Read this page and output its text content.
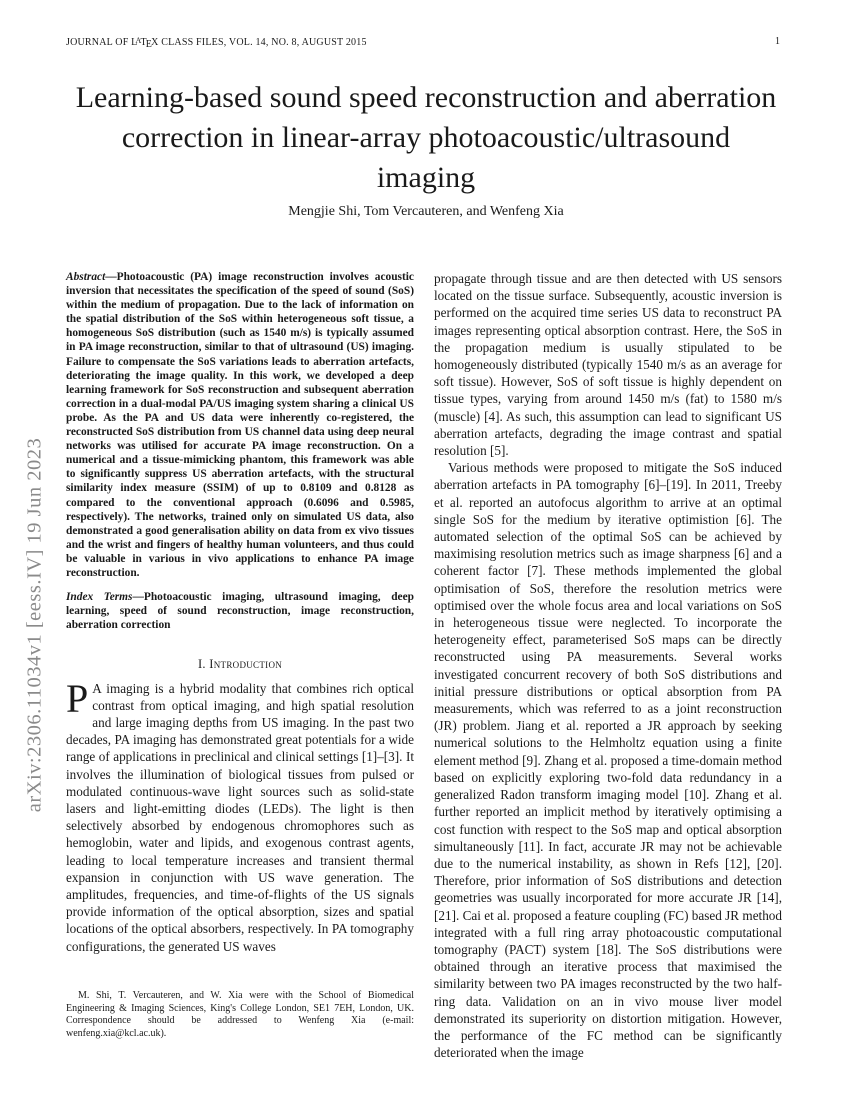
JOURNAL OF $L^ATEX$ CLASS FILES, VOL. 14, NO. 8, AUGUST 2015	1
arXiv:2306.11034v1 [eess.IV] 19 Jun 2023
Learning-based sound speed reconstruction and aberration correction in linear-array photoacoustic/ultrasound imaging
Mengjie Shi, Tom Vercauteren, and Wenfeng Xia

Abstract—Photoacoustic (PA) image reconstruction involves acoustic inversion that necessitates the specification of the speed of sound (SoS) within the medium of propagation. Due to the lack of information on the spatial distribution of the SoS within heterogeneous soft tissue, a homogeneous SoS distribution (such as 1540 m/s) is typically assumed in PA image reconstruction, similar to that of ultrasound (US) imaging. Failure to compensate the SoS variations leads to aberration artefacts, deteriorating the image quality. In this work, we developed a deep learning framework for SoS reconstruction and subsequent aberration correction in a dual-modal PA/US imaging system sharing a clinical US probe. As the PA and US data were inherently co-registered, the reconstructed SoS distribution from US channel data using deep neural networks was utilised for accurate PA image reconstruction. On a numerical and a tissue-mimicking phantom, this framework was able to significantly suppress US aberration artefacts, with the structural similarity index measure (SSIM) of up to 0.8109 and 0.8128 as compared to the conventional approach (0.6096 and 0.5985, respectively). The networks, trained only on simulated US data, also demonstrated a good generalisation ability on data from ex vivo tissues and the wrist and fingers of healthy human volunteers, and thus could be valuable in various in vivo applications to enhance PA image reconstruction.

Index Terms—Photoacoustic imaging, ultrasound imaging, deep learning, speed of sound reconstruction, image reconstruction, aberration correction

I. Introduction

P A imaging is a hybrid modality that combines rich optical contrast from optical imaging, and high spatial resolution and large imaging depths from US imaging. In the past two decades, PA imaging has demonstrated great potentials for a wide range of applications in preclinical and clinical settings [1]–[3]. It involves the illumination of biological tissues from pulsed or modulated continuous-wave light sources such as solid-state lasers and light-emitting diodes (LEDs). The light is then selectively absorbed by endogenous chromophores such as hemoglobin, water and lipids, and exogenous contrast agents, leading to local temperature increases and transient thermal expansion in conjunction with US wave generation. The amplitudes, frequencies, and time-of-flights of the US signals provide information of the optical absorption, sizes and spatial locations of the optical absorbers, respectively. In PA tomography configurations, the generated US waves

M. Shi, T. Vercauteren, and W. Xia were with the School of Biomedical Engineering & Imaging Sciences, King's College London, SE1 7EH, London, UK. Correspondence should be addressed to Wenfeng Xia (e-mail: wenfeng.xia@kcl.ac.uk).

propagate through tissue and are then detected with US sensors located on the tissue surface. Subsequently, acoustic inversion is performed on the acquired time series US data to reconstruct PA images representing optical absorption contrast. Here, the SoS in the propagation medium is usually stipulated to be homogeneously distributed (typically 1540 m/s as an average for soft tissue). However, SoS of soft tissue is highly dependent on tissue types, varying from around 1450 m/s (fat) to 1580 m/s (muscle) [4]. As such, this assumption can lead to significant US aberration artefacts, degrading the image contrast and spatial resolution [5].

Various methods were proposed to mitigate the SoS induced aberration artefacts in PA tomography [6]–[19]. In 2011, Treeby et al. reported an autofocus algorithm to arrive at an optimal single SoS for the medium by iterative optimistion [6]. The automated selection of the optimal SoS can be achieved by maximising resolution metrics such as image sharpness [6] and a coherent factor [7]. These methods implemented the global optimisation of SoS, therefore the resolution metrics were optimised over the whole focus area and local variations on SoS in heterogeneous tissue were neglected. To incorporate the heterogeneity effect, parameterised SoS maps can be directly reconstructed using PA measurements. Several works investigated concurrent recovery of both SoS distributions and initial pressure distributions or optical absorption from PA measurements, which was referred to as a joint reconstruction (JR) problem. Jiang et al. reported a JR approach by seeking numerical solutions to the Helmholtz equation using a finite element method [9]. Zhang et al. proposed a time-domain method based on explicitly exploring two-fold data redundancy in a generalized Radon transform imaging model [10]. Zhang et al. further reported an implicit method by iteratively optimising a cost function with respect to the SoS map and optical absorption simultaneously [11]. In fact, accurate JR may not be achievable due to the numerical instability, as shown in Refs [12], [20]. Therefore, prior information of SoS distributions and detection geometries was usually incorporated for more accurate JR [14], [21]. Cai et al. proposed a feature coupling (FC) based JR method integrated with a full ring array photoacoustic computational tomography (PACT) system [18]. The SoS distributions were obtained through an iterative process that maximised the similarity between two PA images reconstructed by the two half-ring data. Validation on an in vivo mouse liver model demonstrated its superiority on distortion mitigation. However, the performance of the FC method can be significantly deteriorated when the image
